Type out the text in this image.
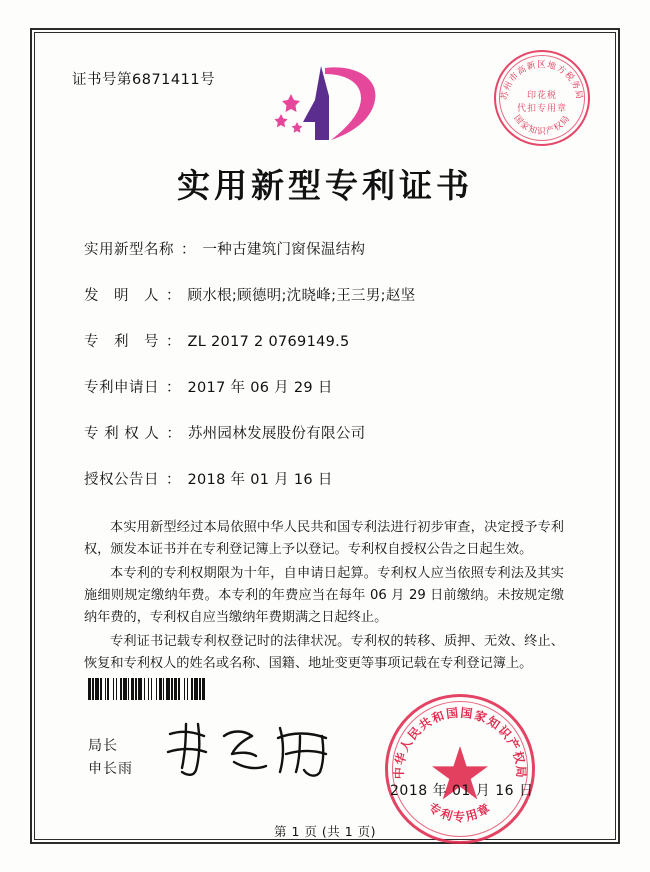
证书号第6871411号
苏州市高新区地方税务局
国家知识产权局
印花税
代扣专用章
实用新型专利证书
实用新型名称 ： 一种古建筑门窗保温结构
发　明　人 ： 顾水根;顾德明;沈晓峰;王三男;赵坚
专　利　号 ： ZL 2017 2 0769149.5
专利申请日 ： 2017 年 06 月 29 日
专 利 权 人 ： 苏州园林发展股份有限公司
授权公告日 ： 2018 年 01 月 16 日

本实用新型经过本局依照中华人民共和国专利法进行初步审查，决定授予专利权，颁发本证书并在专利登记簿上予以登记。专利权自授权公告之日起生效。

本专利的专利权期限为十年，自申请日起算。专利权人应当依照专利法及其实施细则规定缴纳年费。本专利的年费应当在每年 06 月 29 日前缴纳。未按规定缴纳年费的，专利权自应当缴纳年费期满之日起终止。

专利证书记载专利权登记时的法律状况。专利权的转移、质押、无效、终止、恢复和专利权人的姓名或名称、国籍、地址变更等事项记载在专利登记簿上。

局长
申长雨	中华人民共和国国家知识产权局
专利专用章
2018 年 01 月 16 日
第 1 页 (共 1 页)
